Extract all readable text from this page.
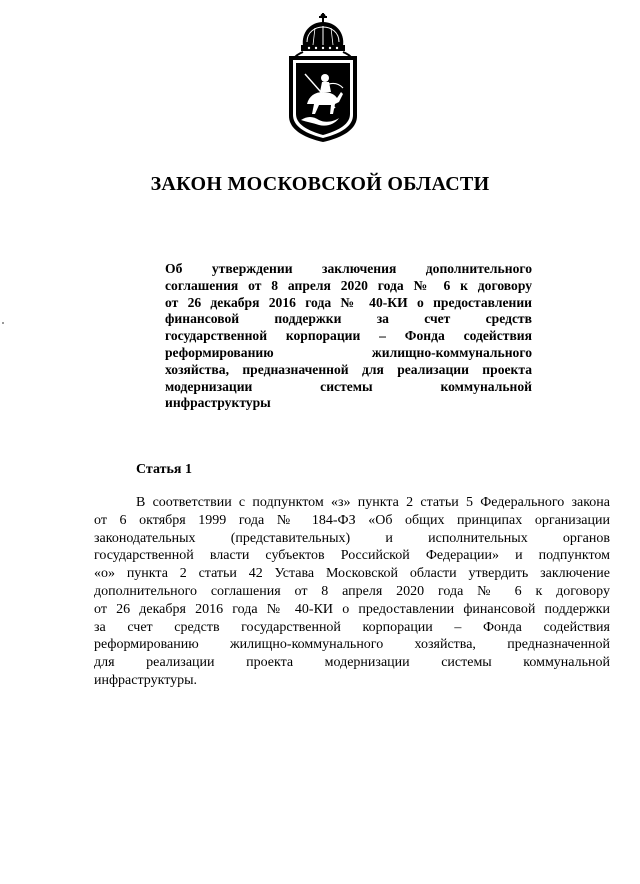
ЗАКОН МОСКОВСКОЙ ОБЛАСТИ
Об утверждении заключения дополнительного
соглашения от 8 апреля 2020 года № 6 к договору
от 26 декабря 2016 года № 40-КИ о предоставлении
финансовой поддержки за счет средств
государственной корпорации – Фонда содействия
реформированию жилищно-коммунального
хозяйства, предназначенной для реализации проекта
модернизации системы коммунальной
инфраструктуры
Статья 1
В соответствии с подпунктом «з» пункта 2 статьи 5 Федерального закона
от 6 октября 1999 года № 184-ФЗ «Об общих принципах организации
законодательных (представительных) и исполнительных органов
государственной власти субъектов Российской Федерации» и подпунктом
«о» пункта 2 статьи 42 Устава Московской области утвердить заключение
дополнительного соглашения от 8 апреля 2020 года № 6 к договору
от 26 декабря 2016 года № 40-КИ о предоставлении финансовой поддержки
за счет средств государственной корпорации – Фонда содействия
реформированию жилищно-коммунального хозяйства, предназначенной
для реализации проекта модернизации системы коммунальной
инфраструктуры.
